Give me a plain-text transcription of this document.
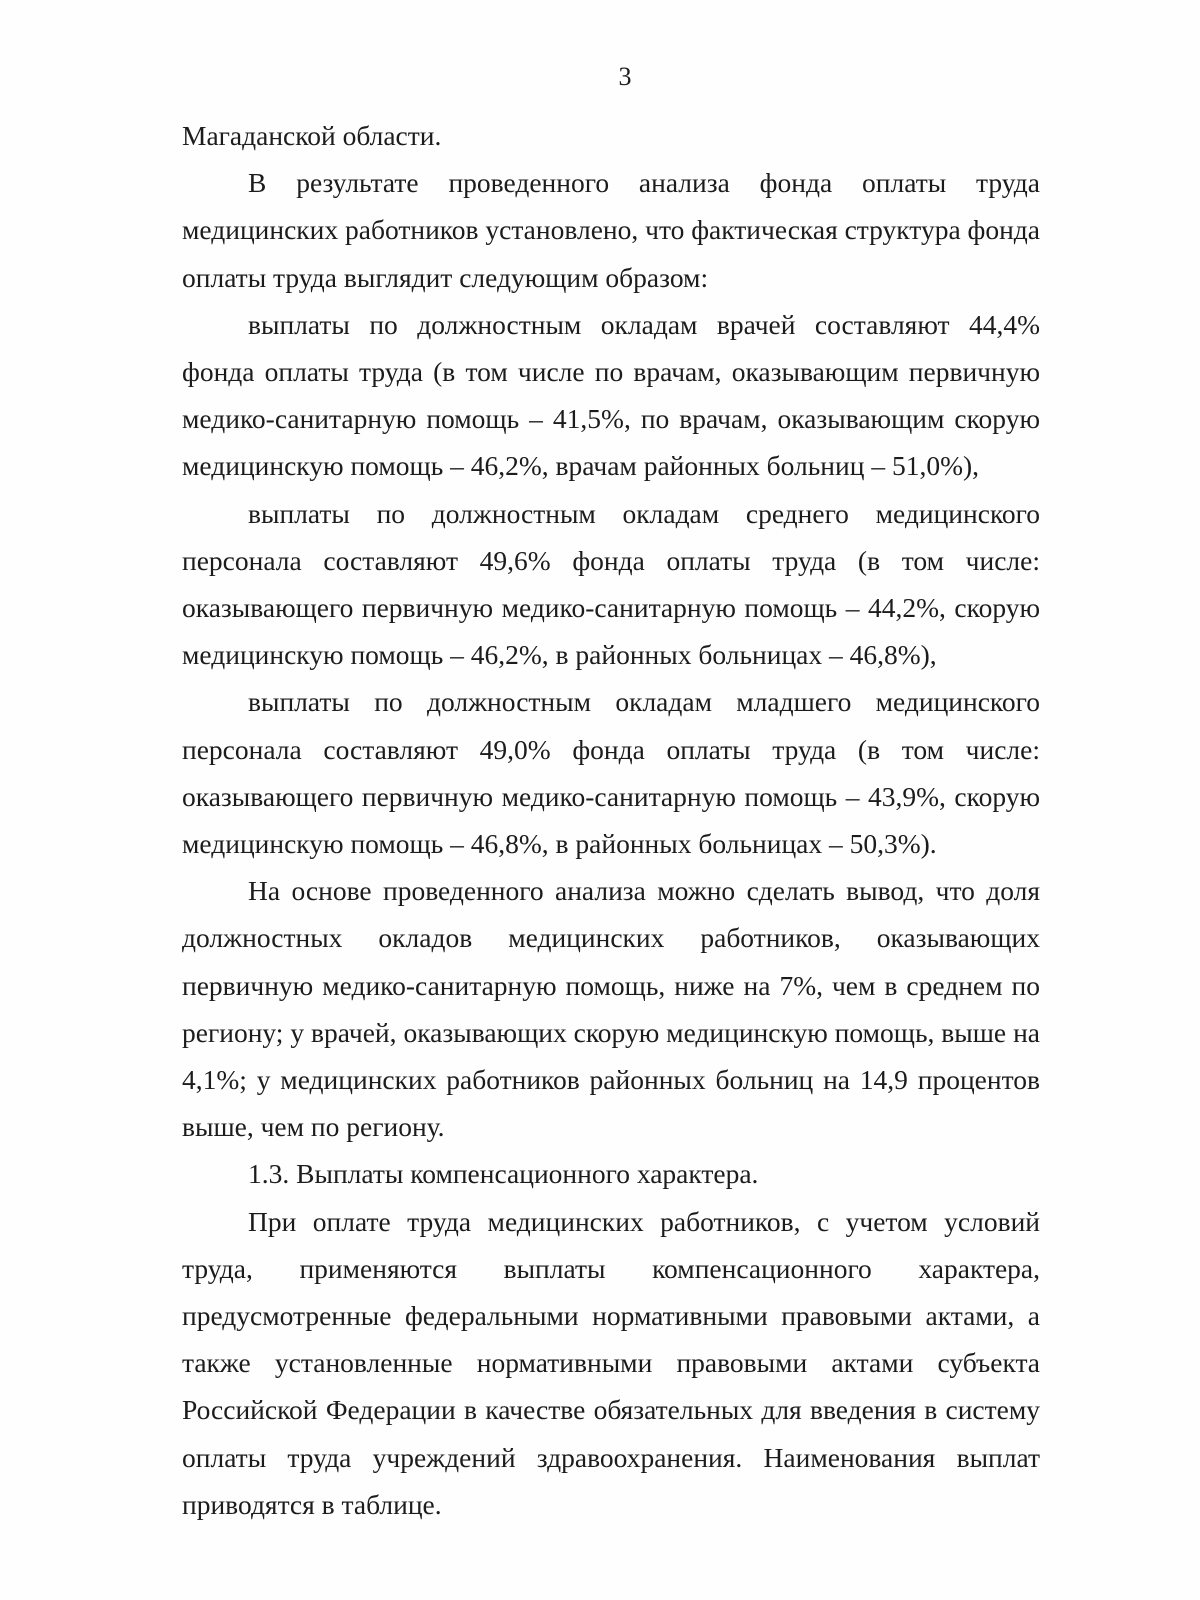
3

Магаданской области.

В результате проведенного анализа фонда оплаты труда медицинских работников установлено, что фактическая структура фонда оплаты труда выглядит следующим образом:

выплаты по должностным окладам врачей составляют 44,4% фонда оплаты труда (в том числе по врачам, оказывающим первичную медико-санитарную помощь – 41,5%, по врачам, оказывающим скорую медицинскую помощь – 46,2%, врачам районных больниц – 51,0%),

выплаты по должностным окладам среднего медицинского персонала составляют 49,6% фонда оплаты труда (в том числе: оказывающего первичную медико-санитарную помощь – 44,2%, скорую медицинскую помощь – 46,2%, в районных больницах – 46,8%),

выплаты по должностным окладам младшего медицинского персонала составляют 49,0% фонда оплаты труда (в том числе: оказывающего первичную медико-санитарную помощь – 43,9%, скорую медицинскую помощь – 46,8%, в районных больницах – 50,3%).

На основе проведенного анализа можно сделать вывод, что доля должностных окладов медицинских работников, оказывающих первичную медико-санитарную помощь, ниже на 7%, чем в среднем по региону; у врачей, оказывающих скорую медицинскую помощь, выше на 4,1%; у медицинских работников районных больниц на 14,9 процентов выше, чем по региону.

1.3. Выплаты компенсационного характера.

При оплате труда медицинских работников, с учетом условий труда, применяются выплаты компенсационного характера, предусмотренные федеральными нормативными правовыми актами, а также установленные нормативными правовыми актами субъекта Российской Федерации в качестве обязательных для введения в систему оплаты труда учреждений здравоохранения. Наименования выплат приводятся в таблице.
